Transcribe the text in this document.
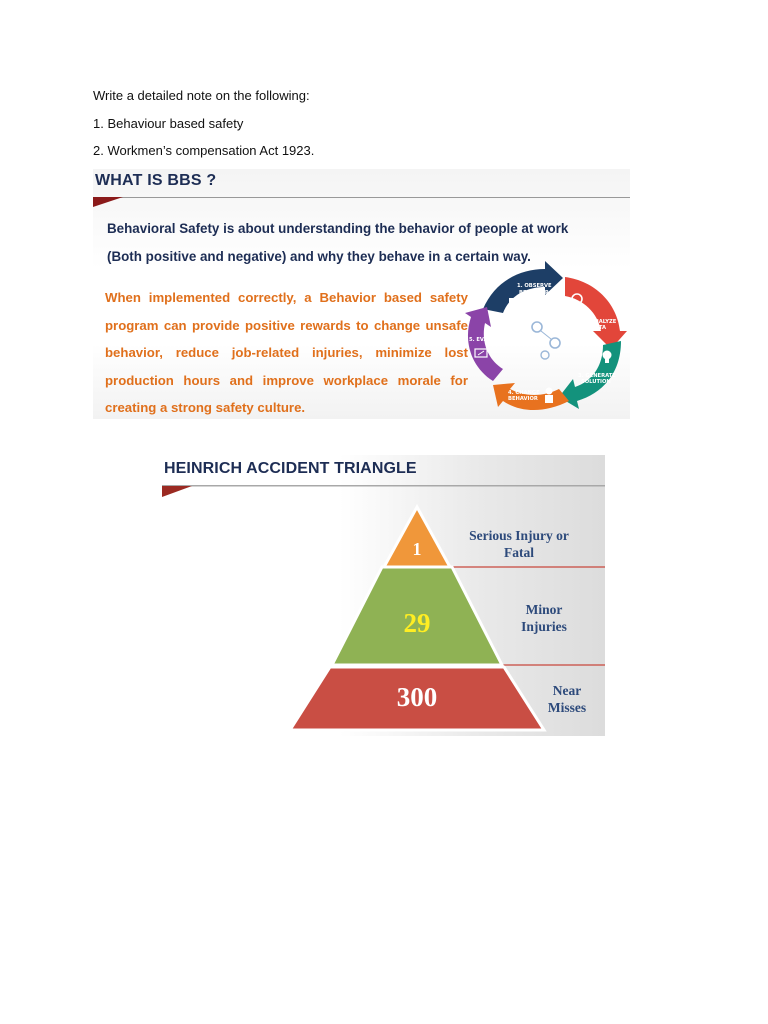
Write a detailed note on the following:
1. Behaviour based safety
2. Workmen’s compensation Act 1923.
WHAT IS BBS ?
Behavioral Safety is about understanding the behavior of people at work
(Both positive and negative) and why they behave in a certain way.
When implemented correctly, a Behavior based safety program can provide positive rewards to change unsafe behavior, reduce job-related injuries, minimize lost production hours and improve workplace morale for creating a strong safety culture.
1. OBSERVE
BEHAVIOR
2. ANALYZE
DATA
3. GENERATE
SOLUTION
4. CHANGE
BEHAVIOR
5. EVALUATE
HEINRICH ACCIDENT TRIANGLE
1
29
300
Serious Injury or
Fatal
Minor
Injuries
Near
Misses
